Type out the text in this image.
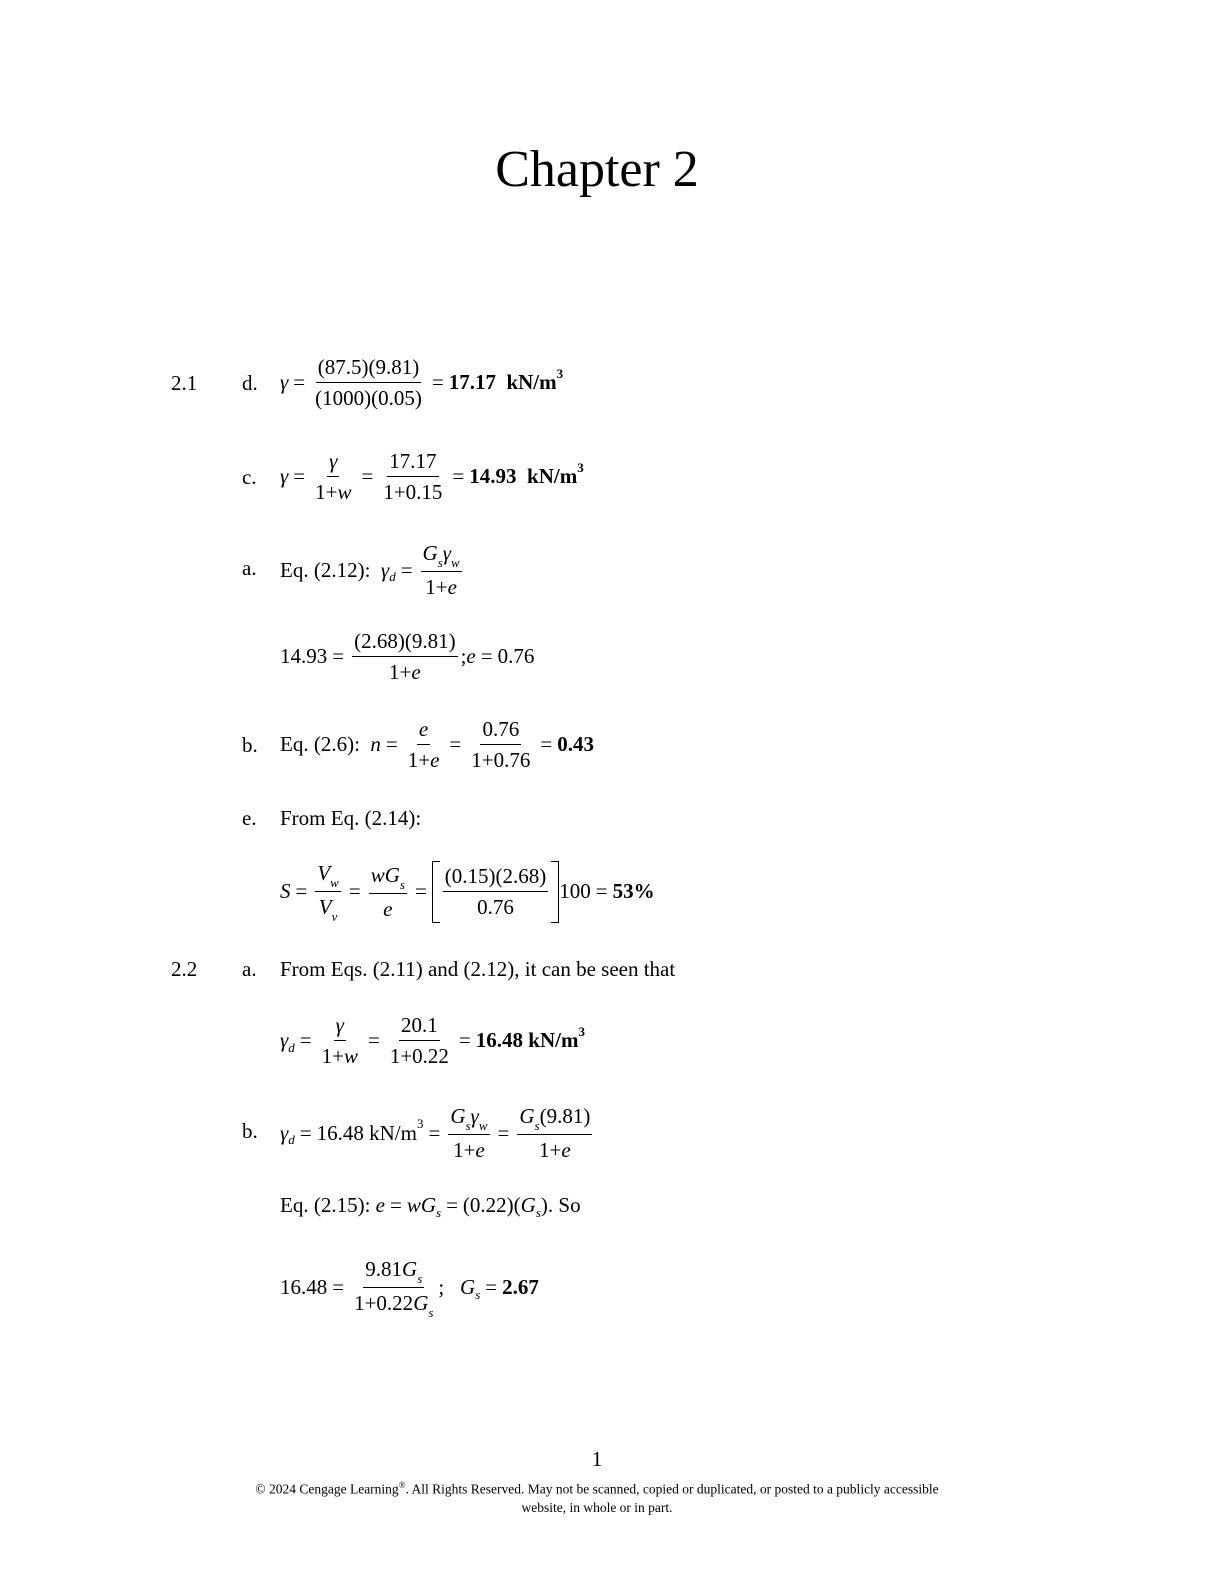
Chapter 2
2.1 d. $\gamma = \frac{(87.5)(9.81)}{(1000)(0.05)} = 17.17$
kN/m 3
c. $\gamma = \frac{\gamma}{1+w} = \frac{17.17}{1+0.15} = 14.93$
kN/m 3
a. Eq. (2.12):
γ $d = \frac{G_s\gamma_w}{1+e}$
$14.93 = \frac{(2.68)(9.81)}{1+e}$ ; e = 0.76
b. Eq. (2.6):
$n = \frac{e}{1+e} = \frac{0.76}{1+0.76} = 0.43$
e. From Eq. (2.14):
$S = \frac{V_w}{V_v} = \frac{wG_s}{e} = \frac{(0.15)(2.68)}{0.76} 100 = 53\%$
2.2 a. From Eqs. (2.11) and (2.12), it can be seen that
γ $d = \frac{\gamma}{1+w} = \frac{20.1}{1+0.22} = 16.48$
kN/m 3
b. γ d = 16.48
kN/m $3 = \frac{G_s\gamma_w}{1+e} = \frac{G_s(9.81)}{1+e}$
Eq. (2.15):
e = wG s = (0.22) ( G s ) . So
$16.48 = \frac{9.81G_s}{1+0.22G_s}$ ;
G s = 2.67
1
© 2024 Cengage Learning®. All Rights Reserved. May not be scanned, copied or duplicated, or posted to a publicly accessible
website, in whole or in part.
